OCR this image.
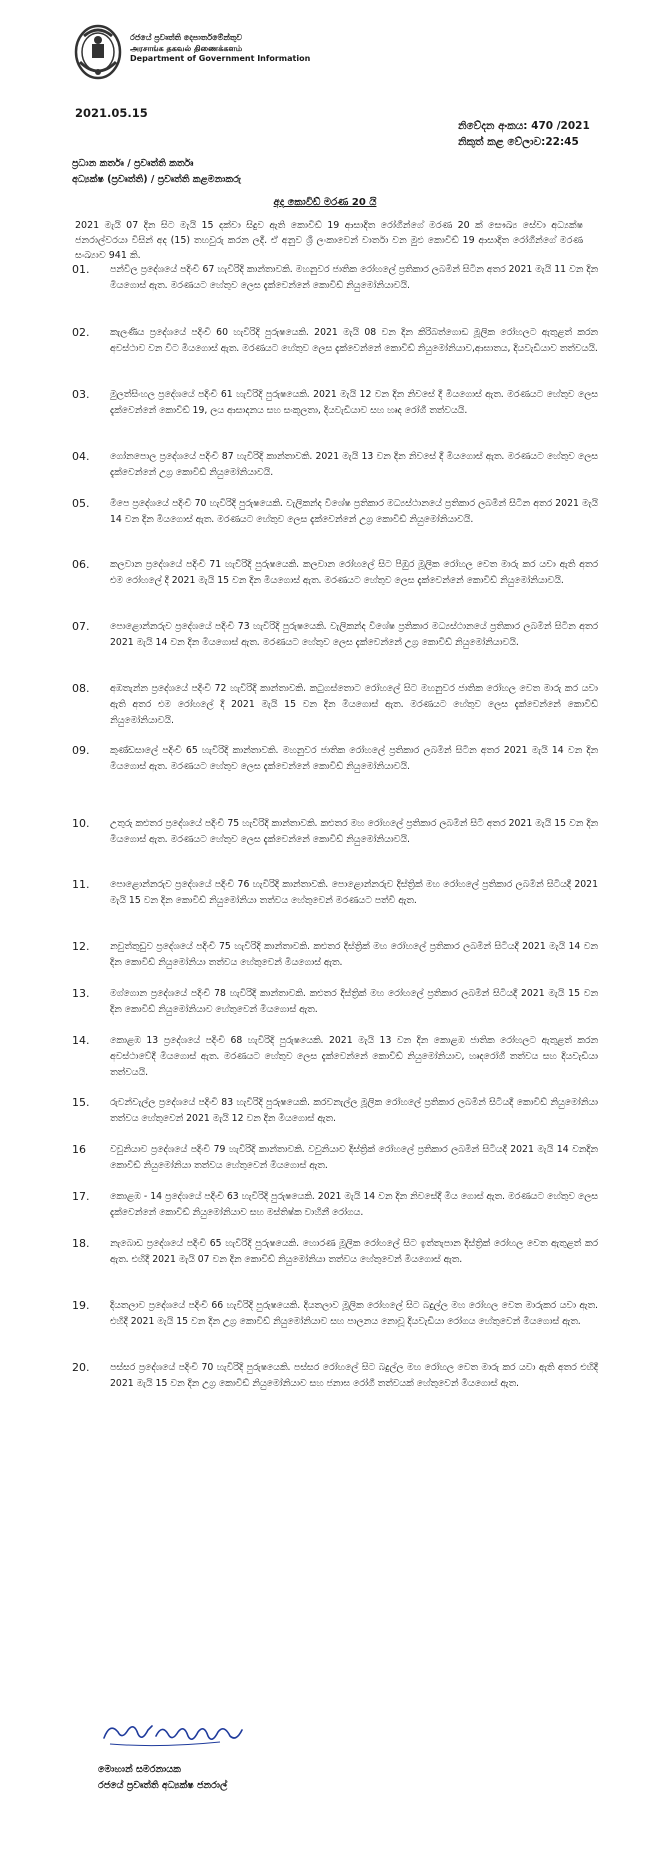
රජයේ ප්‍රවෘත්ති දෙපාර්තමේන්තුව
அரசாங்க தகவல் திணைக்களம்
Department of Government Information
2021.05.15
නිවේදන අංකය: 470 /2021
නිකුත් කළ වේලාව:22:45
ප්‍රධාන කර්තෘ / ප්‍රවෘත්ති කර්තෘ
අධ්‍යක්ෂ (ප්‍රවෘත්ති) / ප්‍රවෘත්ති කළමනාකරු
අද කොවිඩ් මරණ 20 යි
2021 මැයි 07 දින සිට මැයි 15 දක්වා සිදුව ඇති කොවිඩ් 19 ආසාදිත රෝගීන්ගේ මරණ 20 ක් සෞඛ්‍ය සේවා අධ්‍යක්ෂ ජනරාල්වරයා විසින් අද (15) තහවුරු කරන ලදී. ඒ අනුව ශ්‍රී ලංකාවෙන් වාර්තා වන මුළු කොවිඩ් 19 ආසාදිත රෝගීන්ගේ මරණ සංඛ්‍යාව 941 කි.
01.	පන්විල ප්‍රදේශයේ පදිංචි 67 හැවිරිදි කාන්තාවකි. මහනුවර ජාතික රෝහලේ ප්‍රතිකාර ලබමින් සිටින අතර 2021 මැයි 11 වන දින මියගොස් ඇත. මරණයට හේතුව ලෙස දැක්වෙන්නේ කොවිඩ් නියුමෝනියාවයි.
02.	කැලණිය ප්‍රදේශයේ පදිංචි 60 හැවිරිදි පුරුෂයෙකි. 2021 මැයි 08 වන දින කිරිබත්ගොඩ මූලික රෝහලට ඇතුළත් කරන අවස්ථාව වන විට මියගොස් ඇත. මරණයට හේතුව ලෙස දැක්වෙන්නේ කොවිඩ් නියුමෝනියාව,ආඝාතය, දියවැඩියාව තත්වයයි.
03.	මුලත්සිංහල ප්‍රදේශයේ පදිංචි 61 හැවිරිදි පුරුෂයෙකි. 2021 මැයි 12 වන දින නිවසේ දී මියගොස් ඇත. මරණයට හේතුව ලෙස දැක්වෙන්නේ කොවිඩ් 19, ලය ආසාදනය සහ සංකූලතා, දියවැඩියාව සහ හෘද රෝගී තත්වයයි.
04.	ගෝනපොල ප්‍රදේශයේ පදිංචි 87 හැවිරිදි කාන්තාවකි. 2021 මැයි 13 වන දින නිවසේ දී මියගොස් ඇත. මරණයට හේතුව ලෙස දැක්වෙන්නේ උග්‍ර කොවිඩ් නියුමෝනියාවයි.
05.	මීපෙ ප්‍රදේශයේ පදිංචි 70 හැවිරිදි පුරුෂයෙකි. වැලිකන්ද විශේෂ ප්‍රතිකාර මධ්‍යස්ථානයේ ප්‍රතිකාර ලබමින් සිටින අතර 2021 මැයි 14 වන දින මියගොස් ඇත. මරණයට හේතුව ලෙස දැක්වෙන්නේ උග්‍ර කොවිඩ් නියුමෝනියාවයි.
06.	කලවාන ප්‍රදේශයේ පදිංචි 71 හැවිරිදි පුරුෂයෙකි. කලවාන රෝහලේ සිට පිඹුර මූලික රෝහල වෙත මාරු කර යවා ඇති අතර එම රෝහලේ දී 2021 මැයි 15 වන දින මියගොස් ඇත. මරණයට හේතුව ලෙස දැක්වෙන්නේ කොවිඩ් නියුමෝනියාවයි.
07.	පොළොන්නරුව ප්‍රදේශයේ පදිංචි 73 හැවිරිදි පුරුෂයෙකි. වැලිකන්ද විශේෂ ප්‍රතිකාර මධ්‍යස්ථානයේ ප්‍රතිකාර ලබමින් සිටින අතර 2021 මැයි 14 වන දින මියගොස් ඇත. මරණයට හේතුව ලෙස දැක්වෙන්නේ උග්‍ර කොවිඩ් නියුමෝනියාවයි.
08.	අඹතැන්න ප්‍රදේශයේ පදිංචි 72 හැවිරිදි කාන්තාවකි. කටුගස්තොට රෝහලේ සිට මහනුවර ජාතික රෝහල වෙත මාරු කර යවා ඇති අතර එම රෝහලේ දී 2021 මැයි 15 වන දින මියගොස් ඇත. මරණයට හේතුව ලෙස දැක්වෙන්නේ කොවිඩ් නියුමෝනියාවයි.
09.	කුණ්ඩසාලේ පදිංචි 65 හැවිරිදි කාන්තාවකි. මහනුවර ජාතික රෝහලේ ප්‍රතිකාර ලබමින් සිටින අතර 2021 මැයි 14 වන දින මියගොස් ඇත. මරණයට හේතුව ලෙස දැක්වෙන්නේ කොවිඩ් නියුමෝනියාවයි.
10.	උතුරු කළුතර ප්‍රදේශයේ පදිංචි 75 හැවිරිදි කාන්තාවකි. කළුතර මහ රෝහලේ ප්‍රතිකාර ලබමින් සිටි අතර 2021 මැයි 15 වන දින මියගොස් ඇත. මරණයට හේතුව ලෙස දැක්වෙන්නේ කොවිඩ් නියුමෝනියාවයි.
11.	පොළොන්නරුව ප්‍රදේශයේ පදිංචි 76 හැවිරිදි කාන්තාවකි. පොළොන්නරුව දිස්ත්‍රික් මහ රෝහලේ ප්‍රතිකාර ලබමින් සිටියදී 2021 මැයි 15 වන දින කොවිඩ් නියුමෝනියා තත්වය හේතුවෙන් මරණයට පත්වී ඇත.
12.	නවුත්තුඩුව ප්‍රදේශයේ පදිංචි 75 හැවිරිදි කාන්තාවකි. කළුතර දිස්ත්‍රික් මහ රෝහලේ ප්‍රතිකාර ලබමින් සිටියදී 2021 මැයි 14 වන දින කොවිඩ් නියුමෝනියා තත්වය හේතුවෙන් මියගොස් ඇත.
13.	මග්ගොන ප්‍රදේශයේ පදිංචි 78 හැවිරිදි කාන්තාවකි. කළුතර දිස්ත්‍රික් මහ රෝහලේ ප්‍රතිකාර ලබමින් සිටියදී 2021 මැයි 15 වන දින කොවිඩ් නියුමෝනියාව හේතුවෙන් මියගොස් ඇත.
14.	කොළඹ 13 ප්‍රදේශයේ පදිංචි 68 හැවිරිදි පුරුෂයෙකි. 2021 මැයි 13 වන දින කොළඹ ජාතික රෝහලට ඇතුළත් කරන අවස්ථාවේදී මියගොස් ඇත. මරණයට හේතුව ලෙස දැක්වෙන්නේ කොවිඩ් නියුමෝනියාව, හෘදරෝගී තත්වය සහ දියවැඩියා තත්වයයි.
15.	රුවන්වැල්ල ප්‍රදේශයේ පදිංචි 83 හැවිරිදි පුරුෂයෙකි. කරවනැල්ල මූලික රෝහලේ ප්‍රතිකාර ලබමින් සිටියදී කොවිඩ් නියුමෝනියා තත්වය හේතුවෙන් 2021 මැයි 12 වන දින මියගොස් ඇත.
16	වවුනියාව ප්‍රදේශයේ පදිංචි 79 හැවිරිදි කාන්තාවකි. වවුනියාව දිස්ත්‍රික් රෝහලේ ප්‍රතිකාර ලබමින් සිටියදී 2021 මැයි 14 වනදින කොවිඩ් නියුමෝනියා තත්වය හේතුවෙන් මියගොස් ඇත.
17.	කොළඹ - 14 ප්‍රදේශයේ පදිංචි 63 හැවිරිදි පුරුෂයෙකි. 2021 මැයි 14 වන දින නිවසේදී මිය ගොස් ඇත. මරණයට හේතුව ලෙස දැක්වෙන්නේ කොවිඩ් නියුමෝනියාව සහ මස්තිෂ්ක වාහිනී රෝගය.
18.	නැබොඩ ප්‍රදේශයේ පදිංචි 65 හැවිරිදි පුරුෂයෙකි. හොරණ මූලික රෝහලේ සිට ඉත්තැපාන දිස්ත්‍රික් රෝහල වෙත ඇතුළත් කර ඇත. එහිදී 2021 මැයි 07 වන දින කොවිඩ් නියුමෝනියා තත්වය හේතුවෙන් මියගොස් ඇත.
19.	දියතලාව ප්‍රදේශයේ පදිංචි 66 හැවිරිදි පුරුෂයෙකි. දියතලාව මූලික රෝහලේ සිට බදුල්ල මහ රෝහල වෙත මාරුකර යවා ඇත. එහිදී 2021 මැයි 15 වන දින උග්‍ර කොවිඩ් නියුමෝනියාව සහ පාලනය නොවූ දියවැඩියා රෝගය හේතුවෙන් මියගොස් ඇත.
20.	පස්සර ප්‍රදේශයේ පදිංචි 70 හැවිරිදි පුරුෂයෙකි. පස්සර රෝහලේ සිට බදුල්ල මහ රෝහල වෙත මාරු කර යවා ඇති අතර එහිදී 2021 මැයි 15 වන දින උග්‍ර කොවිඩ් නියුමෝනියාව සහ ජනාඝ රෝගී තත්වයක් හේතුවෙන් මියගොස් ඇත.
මොහාන් සමරනායක
රජයේ ප්‍රවෘත්ති අධ්‍යක්ෂ ජනරාල්
